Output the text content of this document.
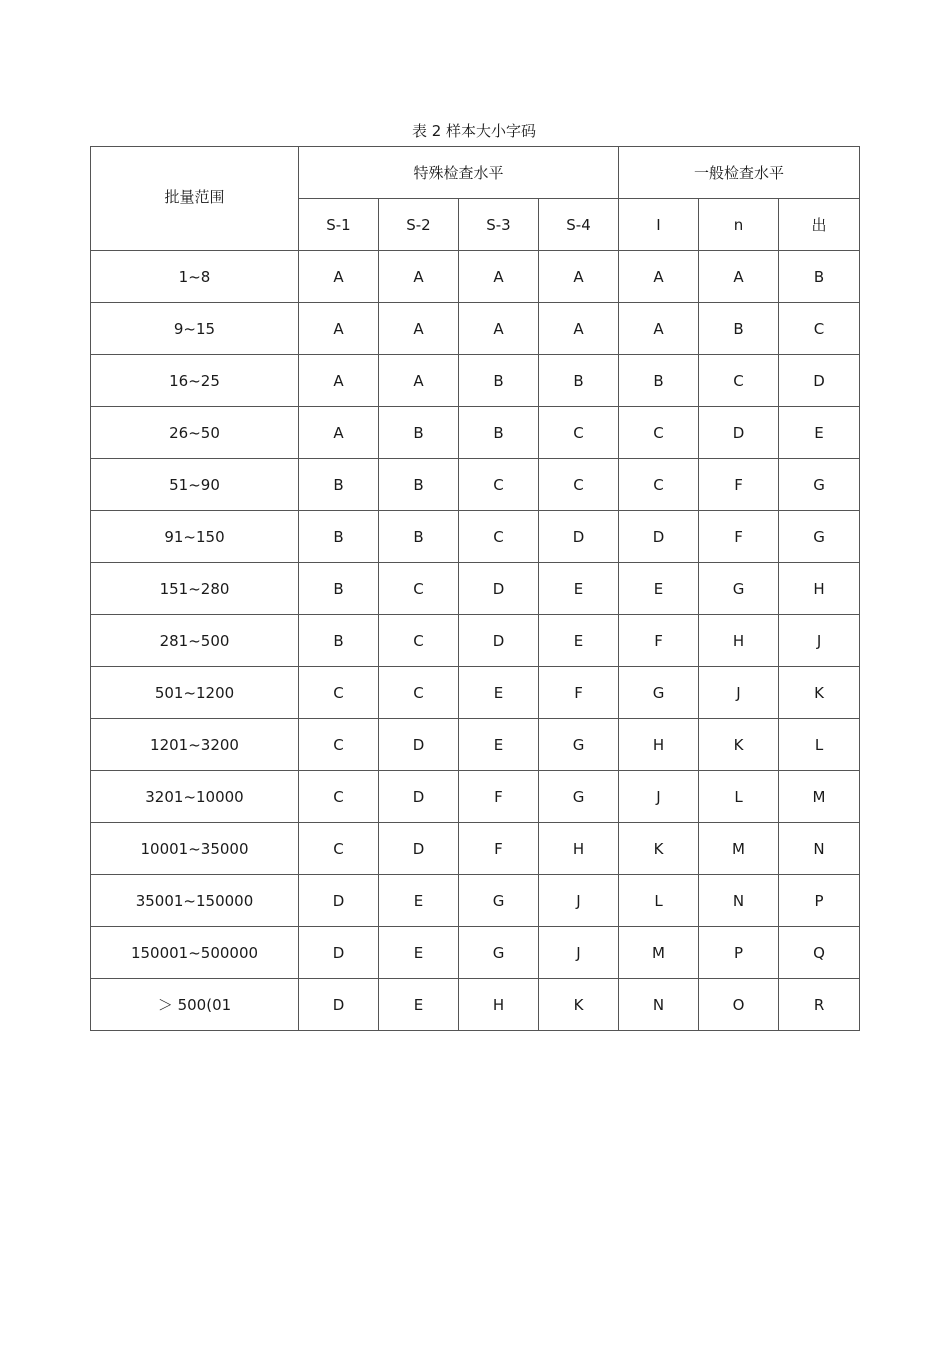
表 2 样本大小字码
批量范围	特殊检查水平				一般检查水平		
	S-1	S-2	S-3	S-4	I	n	出
1~8	A	A	A	A	A	A	B
9~15	A	A	A	A	A	B	C
16~25	A	A	B	B	B	C	D
26~50	A	B	B	C	C	D	E
51~90	B	B	C	C	C	F	G
91~150	B	B	C	D	D	F	G
151~280	B	C	D	E	E	G	H
281~500	B	C	D	E	F	H	J
501~1200	C	C	E	F	G	J	K
1201~3200	C	D	E	G	H	K	L
3201~10000	C	D	F	G	J	L	M
10001~35000	C	D	F	H	K	M	N
35001~150000	D	E	G	J	L	N	P
150001~500000	D	E	G	J	M	P	Q
＞ 500(01	D	E	H	K	N	O	R
